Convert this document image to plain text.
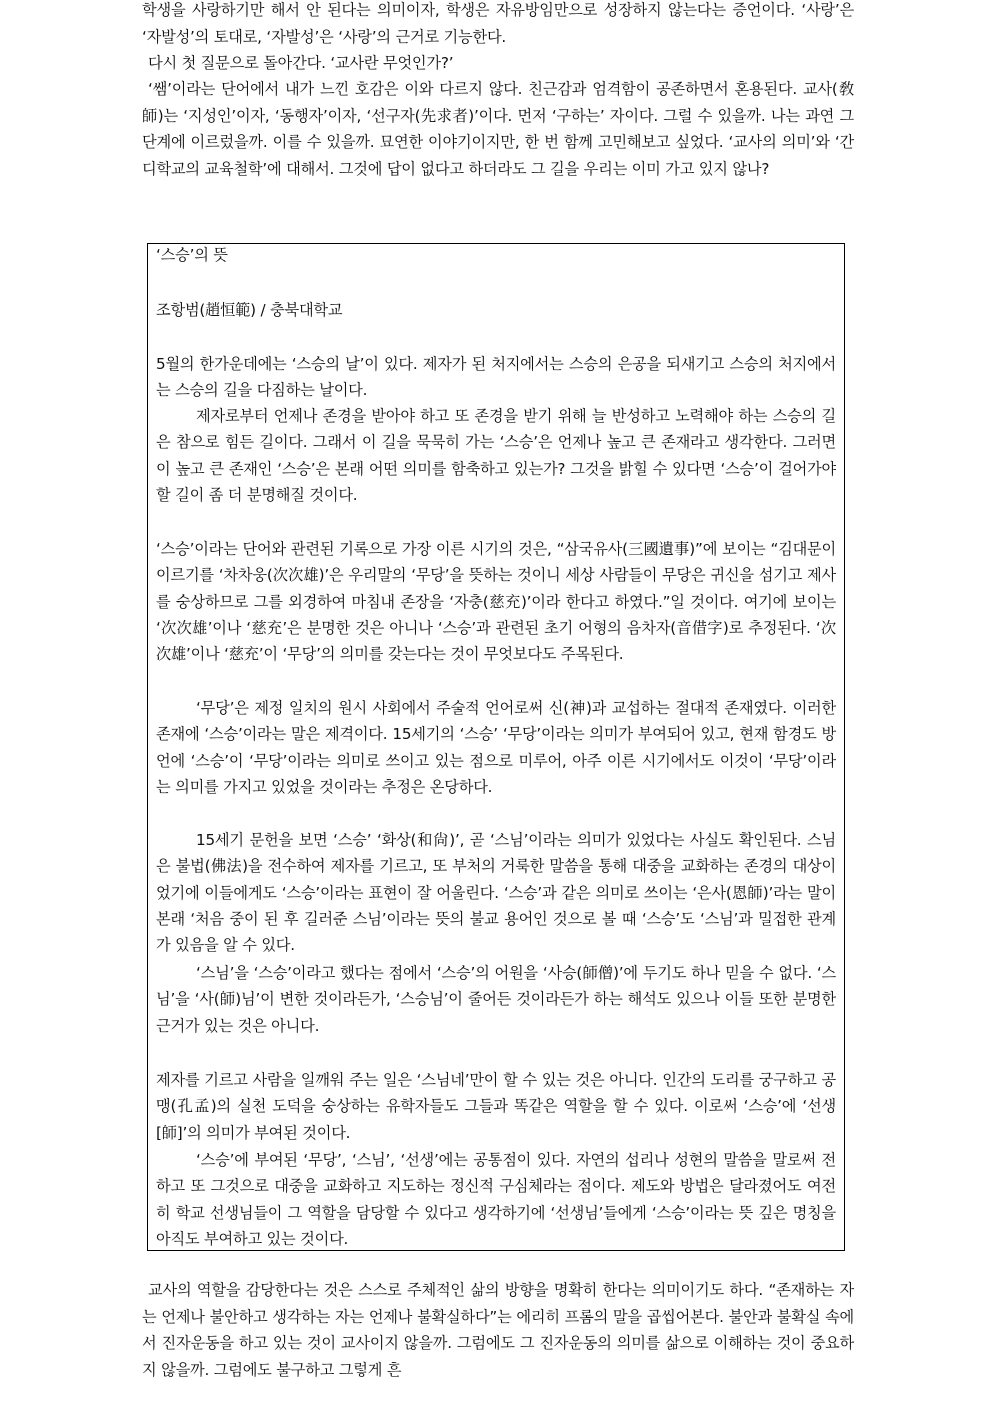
학생을 사랑하기만 해서 안 된다는 의미이자, 학생은 자유방임만으로 성장하지 않는다는 증언이다. ‘사랑’은 ‘자발성’의 토대로, ‘자발성’은 ‘사랑’의 근거로 기능한다.

다시 첫 질문으로 돌아간다. ‘교사란 무엇인가?’

‘쌤’이라는 단어에서 내가 느낀 호감은 이와 다르지 않다. 친근감과 엄격함이 공존하면서 혼용된다. 교사(敎師)는 ‘지성인’이자, ‘동행자’이자, ‘선구자(先求者)’이다. 먼저 ‘구하는’ 자이다. 그럴 수 있을까. 나는 과연 그 단계에 이르렀을까. 이를 수 있을까. 묘연한 이야기이지만, 한 번 함께 고민해보고 싶었다. ‘교사의 의미’와 ‘간디학교의 교육철학’에 대해서. 그것에 답이 없다고 하더라도 그 길을 우리는 이미 가고 있지 않나?

‘스승’의 뜻

조항범(趙恒範) / 충북대학교

5월의 한가운데에는 ‘스승의 날’이 있다. 제자가 된 처지에서는 스승의 은공을 되새기고 스승의 처지에서는 스승의 길을 다짐하는 날이다.

제자로부터 언제나 존경을 받아야 하고 또 존경을 받기 위해 늘 반성하고 노력해야 하는 스승의 길은 참으로 힘든 길이다. 그래서 이 길을 묵묵히 가는 ‘스승’은 언제나 높고 큰 존재라고 생각한다. 그러면 이 높고 큰 존재인 ‘스승’은 본래 어떤 의미를 함축하고 있는가? 그것을 밝힐 수 있다면 ‘스승’이 걸어가야 할 길이 좀 더 분명해질 것이다.

‘스승’이라는 단어와 관련된 기록으로 가장 이른 시기의 것은, “삼국유사(三國遺事)”에 보이는 “김대문이 이르기를 ‘차차웅(次次雄)’은 우리말의 ‘무당’을 뜻하는 것이니 세상 사람들이 무당은 귀신을 섬기고 제사를 숭상하므로 그를 외경하여 마침내 존장을 ‘자충(慈充)’이라 한다고 하였다.”일 것이다. 여기에 보이는 ‘次次雄’이나 ‘慈充’은 분명한 것은 아니나 ‘스승’과 관련된 초기 어형의 음차자(音借字)로 추정된다. ‘次次雄’이나 ‘慈充’이 ‘무당’의 의미를 갖는다는 것이 무엇보다도 주목된다.

‘무당’은 제정 일치의 원시 사회에서 주술적 언어로써 신(神)과 교섭하는 절대적 존재였다. 이러한 존재에 ‘스승’이라는 말은 제격이다. 15세기의 ‘스승’ ‘무당’이라는 의미가 부여되어 있고, 현재 함경도 방언에 ‘스승’이 ‘무당’이라는 의미로 쓰이고 있는 점으로 미루어, 아주 이른 시기에서도 이것이 ‘무당’이라는 의미를 가지고 있었을 것이라는 추정은 온당하다.

15세기 문헌을 보면 ‘스승’ ‘화상(和尙)’, 곧 ‘스님’이라는 의미가 있었다는 사실도 확인된다. 스님은 불법(佛法)을 전수하여 제자를 기르고, 또 부처의 거룩한 말씀을 통해 대중을 교화하는 존경의 대상이었기에 이들에게도 ‘스승’이라는 표현이 잘 어울린다. ‘스승’과 같은 의미로 쓰이는 ‘은사(恩師)’라는 말이 본래 ‘처음 중이 된 후 길러준 스님’이라는 뜻의 불교 용어인 것으로 볼 때 ‘스승’도 ‘스님’과 밀접한 관계가 있음을 알 수 있다.

‘스님’을 ‘스승’이라고 했다는 점에서 ‘스승’의 어원을 ‘사승(師僧)’에 두기도 하나 믿을 수 없다. ‘스님’을 ‘사(師)님’이 변한 것이라든가, ‘스승님’이 줄어든 것이라든가 하는 해석도 있으나 이들 또한 분명한 근거가 있는 것은 아니다.

제자를 기르고 사람을 일깨워 주는 일은 ‘스님네’만이 할 수 있는 것은 아니다. 인간의 도리를 궁구하고 공맹(孔孟)의 실천 도덕을 숭상하는 유학자들도 그들과 똑같은 역할을 할 수 있다. 이로써 ‘스승’에 ‘선생[師]’의 의미가 부여된 것이다.

‘스승’에 부여된 ‘무당’, ‘스님’, ‘선생’에는 공통점이 있다. 자연의 섭리나 성현의 말씀을 말로써 전하고 또 그것으로 대중을 교화하고 지도하는 정신적 구심체라는 점이다. 제도와 방법은 달라졌어도 여전히 학교 선생님들이 그 역할을 담당할 수 있다고 생각하기에 ‘선생님’들에게 ‘스승’이라는 뜻 깊은 명칭을 아직도 부여하고 있는 것이다.

교사의 역할을 감당한다는 것은 스스로 주체적인 삶의 방향을 명확히 한다는 의미이기도 하다. “존재하는 자는 언제나 불안하고 생각하는 자는 언제나 불확실하다”는 에리히 프롬의 말을 곱씹어본다. 불안과 불확실 속에서 진자운동을 하고 있는 것이 교사이지 않을까. 그럼에도 그 진자운동의 의미를 삶으로 이해하는 것이 중요하지 않을까. 그럼에도 불구하고 그렇게 흔
